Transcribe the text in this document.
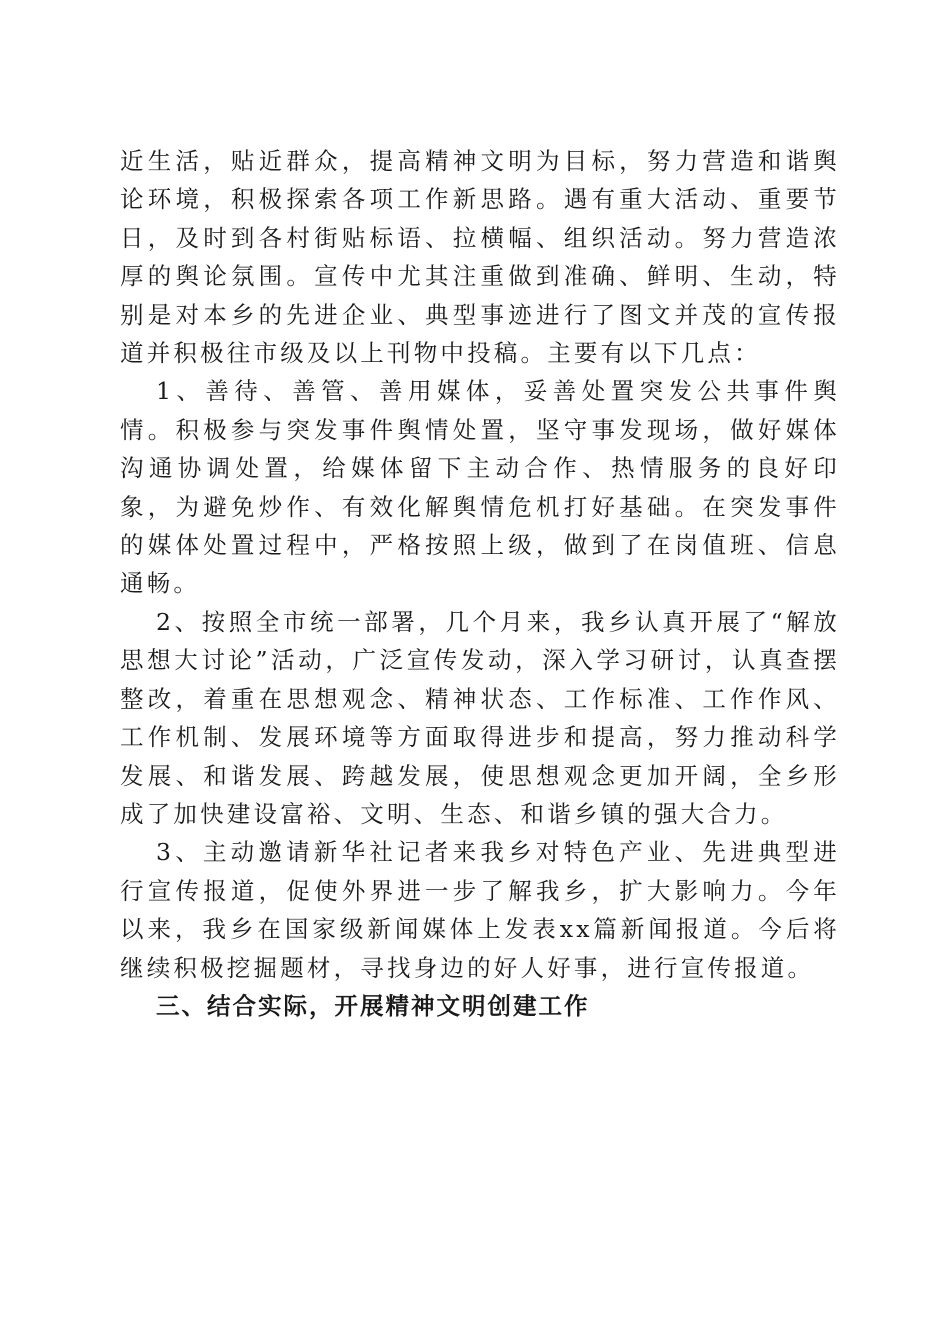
近生活，贴近群众，提高精神文明为目标，努力营造和谐舆论环境，积极探索各项工作新思路。遇有重大活动、重要节日，及时到各村街贴标语、拉横幅、组织活动。努力营造浓厚的舆论氛围。宣传中尤其注重做到准确、鲜明、生动，特别是对本乡的先进企业、典型事迹进行了图文并茂的宣传报道并积极往市级及以上刊物中投稿。主要有以下几点：

1、善待、善管、善用媒体，妥善处置突发公共事件舆情。积极参与突发事件舆情处置，坚守事发现场，做好媒体沟通协调处置，给媒体留下主动合作、热情服务的良好印象，为避免炒作、有效化解舆情危机打好基础。在突发事件的媒体处置过程中，严格按照上级，做到了在岗值班、信息通畅。

2、按照全市统一部署，几个月来，我乡认真开展了“解放思想大讨论”活动，广泛宣传发动，深入学习研讨，认真查摆整改，着重在思想观念、精神状态、工作标准、工作作风、工作机制、发展环境等方面取得进步和提高，努力推动科学发展、和谐发展、跨越发展，使思想观念更加开阔，全乡形成了加快建设富裕、文明、生态、和谐乡镇的强大合力。

3、主动邀请新华社记者来我乡对特色产业、先进典型进行宣传报道，促使外界进一步了解我乡，扩大影响力。今年以来，我乡在国家级新闻媒体上发表xx篇新闻报道。今后将继续积极挖掘题材，寻找身边的好人好事，进行宣传报道。

三、结合实际，开展精神文明创建工作
